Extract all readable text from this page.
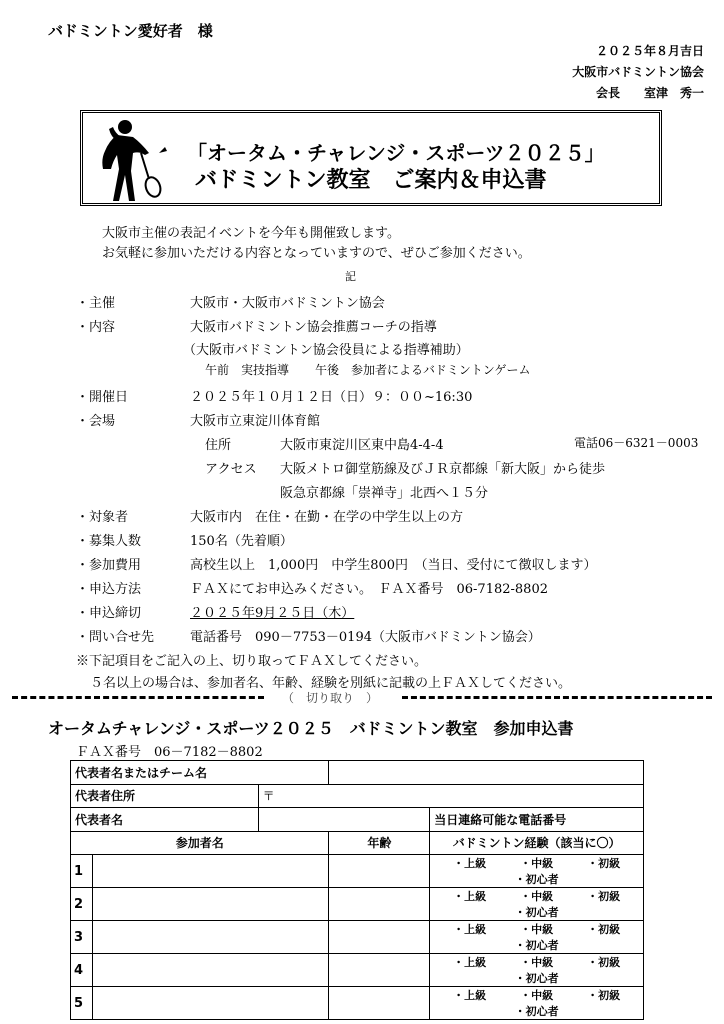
バドミントン愛好者　様
２０２５年８月吉日
大阪市バドミントン協会
会長　　室津　秀一
「オータム・チャレンジ・スポーツ２０２５」
バドミントン教室　ご案内＆申込書
大阪市主催の表記イベントを今年も開催致します。
お気軽に参加いただける内容となっていますので、ぜひご参加ください。
記
・主催	大阪市・大阪市バドミントン協会
・内容	大阪市バドミントン協会推薦コーチの指導
（大阪市バドミントン協会役員による指導補助）
午前　実技指導 午後　参加者によるバドミントンゲーム
・開催日	２０２５年１０月１２日（日）９：００~16:30
・会場	大阪市立東淀川体育館
住所	大阪市東淀川区東中島4-4-4	電話06－6321－0003
アクセス 大阪メトロ御堂筋線及びＪＲ京都線「新大阪」から徒歩
阪急京都線「崇禅寺」北西へ１５分
・対象者	大阪市内　在住・在勤・在学の中学生以上の方
・募集人数	150名（先着順）
・参加費用	高校生以上　1,000円　中学生800円　（当日、受付にて徴収します）
・申込方法	ＦＡＸにてお申込みください。　ＦＡＸ番号　06-7182-8802
・申込締切	２０２５年9月２５日（木）
・問い合せ先	電話番号　090－7753－0194（大阪市バドミントン協会）
※下記項目をご記入の上、切り取ってＦＡＸしてください。
５名以上の場合は、参加者名、年齢、経験を別紙に記載の上ＦＡＸしてください。
（　切り取り　）
オータムチャレンジ・スポーツ２０２５　バドミントン教室　参加申込書
ＦＡＸ番号　06－7182－8802
代表者名またはチーム名				
代表者住所		〒		
代表者名				当日連絡可能な電話番号
参加者名			年齢	バドミントン経験（該当に〇）
1				・上級 ・中級 ・初級・初心者
2				・上級 ・中級 ・初級・初心者
3				・上級 ・中級 ・初級・初心者
4				・上級 ・中級 ・初級・初心者
5				・上級 ・中級 ・初級・初心者
